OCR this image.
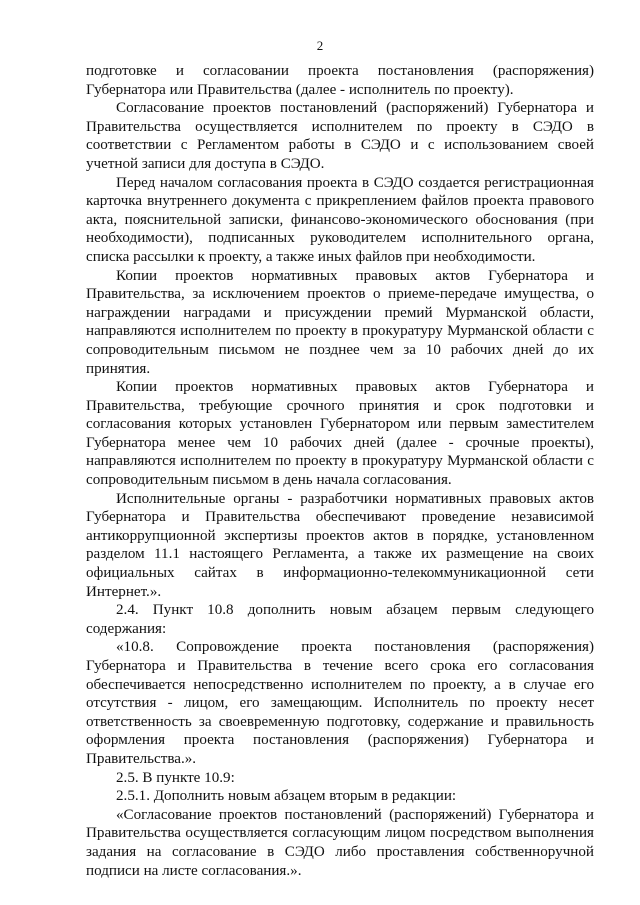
2

подготовке и согласовании проекта постановления (распоряжения) Губернатора или Правительства (далее - исполнитель по проекту).

Согласование проектов постановлений (распоряжений) Губернатора и Правительства осуществляется исполнителем по проекту в СЭДО в соответствии с Регламентом работы в СЭДО и с использованием своей учетной записи для доступа в СЭДО.

Перед началом согласования проекта в СЭДО создается регистрационная карточка внутреннего документа с прикреплением файлов проекта правового акта, пояснительной записки, финансово-экономического обоснования (при необходимости), подписанных руководителем исполнительного органа, списка рассылки к проекту, а также иных файлов при необходимости.

Копии проектов нормативных правовых актов Губернатора и Правительства, за исключением проектов о приеме-передаче имущества, о награждении наградами и присуждении премий Мурманской области, направляются исполнителем по проекту в прокуратуру Мурманской области с сопроводительным письмом не позднее чем за 10 рабочих дней до их принятия.

Копии проектов нормативных правовых актов Губернатора и Правительства, требующие срочного принятия и срок подготовки и согласования которых установлен Губернатором или первым заместителем Губернатора менее чем 10 рабочих дней (далее - срочные проекты), направляются исполнителем по проекту в прокуратуру Мурманской области с сопроводительным письмом в день начала согласования.

Исполнительные органы - разработчики нормативных правовых актов Губернатора и Правительства обеспечивают проведение независимой антикоррупционной экспертизы проектов актов в порядке, установленном разделом 11.1 настоящего Регламента, а также их размещение на своих официальных сайтах в информационно-телекоммуникационной сети Интернет.».

2.4. Пункт 10.8 дополнить новым абзацем первым следующего содержания:

«10.8. Сопровождение проекта постановления (распоряжения) Губернатора и Правительства в течение всего срока его согласования обеспечивается непосредственно исполнителем по проекту, а в случае его отсутствия - лицом, его замещающим. Исполнитель по проекту несет ответственность за своевременную подготовку, содержание и правильность оформления проекта постановления (распоряжения) Губернатора и Правительства.».

2.5. В пункте 10.9:

2.5.1. Дополнить новым абзацем вторым в редакции:

«Согласование проектов постановлений (распоряжений) Губернатора и Правительства осуществляется согласующим лицом посредством выполнения задания на согласование в СЭДО либо проставления собственноручной подписи на листе согласования.».
